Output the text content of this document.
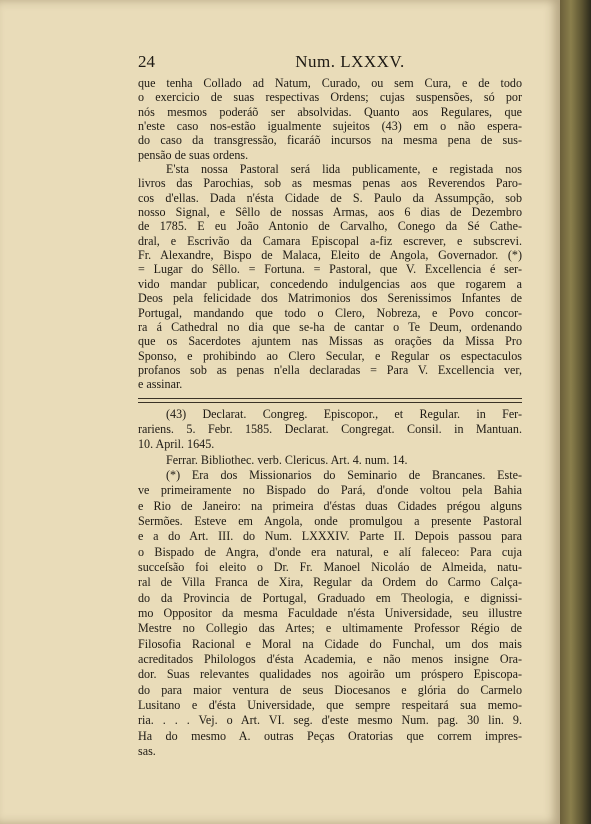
24	Num. LXXXV.
que tenha Collado ad Natum, Curado, ou sem Cura, e de todo
o exercicio de suas respectivas Ordens; cujas suspensões, só por
nós mesmos poderáõ ser absolvidas. Quanto aos Regulares, que
n'este caso nos-estão igualmente sujeitos (43) em o não espera-
do caso da transgressão, ficaráõ incursos na mesma pena de sus-
pensão de suas ordens.
E'sta nossa Pastoral será lida publicamente, e registada nos
livros das Parochias, sob as mesmas penas aos Reverendos Paro-
cos d'ellas. Dada n'ésta Cidade de S. Paulo da Assumpção, sob
nosso Signal, e Sêllo de nossas Armas, aos 6 dias de Dezembro
de 1785. E eu João Antonio de Carvalho, Conego da Sé Cathe-
dral, e Escrivão da Camara Episcopal a-fiz escrever, e subscrevi.
Fr. Alexandre, Bispo de Malaca, Eleito de Angola, Governador. (*)
= Lugar do Sêllo. = Fortuna. = Pastoral, que V. Excellencia é ser-
vido mandar publicar, concedendo indulgencias aos que rogarem a
Deos pela felicidade dos Matrimonios dos Serenissimos Infantes de
Portugal, mandando que todo o Clero, Nobreza, e Povo concor-
ra á Cathedral no dia que se-ha de cantar o Te Deum, ordenando
que os Sacerdotes ajuntem nas Missas as orações da Missa Pro
Sponso, e prohibindo ao Clero Secular, e Regular os espectaculos
profanos sob as penas n'ella declaradas = Para V. Excellencia ver,
e assinar.
(43) Declarat. Congreg. Episcopor., et Regular. in Fer-
rariens. 5. Febr. 1585. Declarat. Congregat. Consil. in Mantuan.
10. April. 1645.
Ferrar. Bibliothec. verb. Clericus. Art. 4. num. 14.
(*) Era dos Missionarios do Seminario de Brancanes. Este-
ve primeiramente no Bispado do Pará, d'onde voltou pela Bahia
e Rio de Janeiro: na primeira d'éstas duas Cidades prégou alguns
Sermões. Esteve em Angola, onde promulgou a presente Pastoral
e a do Art. III. do Num. LXXXIV. Parte II. Depois passou para
o Bispado de Angra, d'onde era natural, e alí faleceo: Para cuja
succeſsão foi eleito o Dr. Fr. Manoel Nicoláo de Almeida, natu-
ral de Villa Franca de Xira, Regular da Ordem do Carmo Calça-
do da Provincia de Portugal, Graduado em Theologia, e dignissi-
mo Oppositor da mesma Faculdade n'ésta Universidade, seu illustre
Mestre no Collegio das Artes; e ultimamente Professor Régio de
Filosofia Racional e Moral na Cidade do Funchal, um dos mais
acreditados Philologos d'ésta Academia, e não menos insigne Ora-
dor. Suas relevantes qualidades nos agoirão um próspero Episcopa-
do para maior ventura de seus Diocesanos e glória do Carmelo
Lusitano e d'ésta Universidade, que sempre respeitará sua memo-
ria. . . . Vej. o Art. VI. seg. d'este mesmo Num. pag. 30 lin. 9.
Ha do mesmo A. outras Peças Oratorias que correm impres-
sas.
